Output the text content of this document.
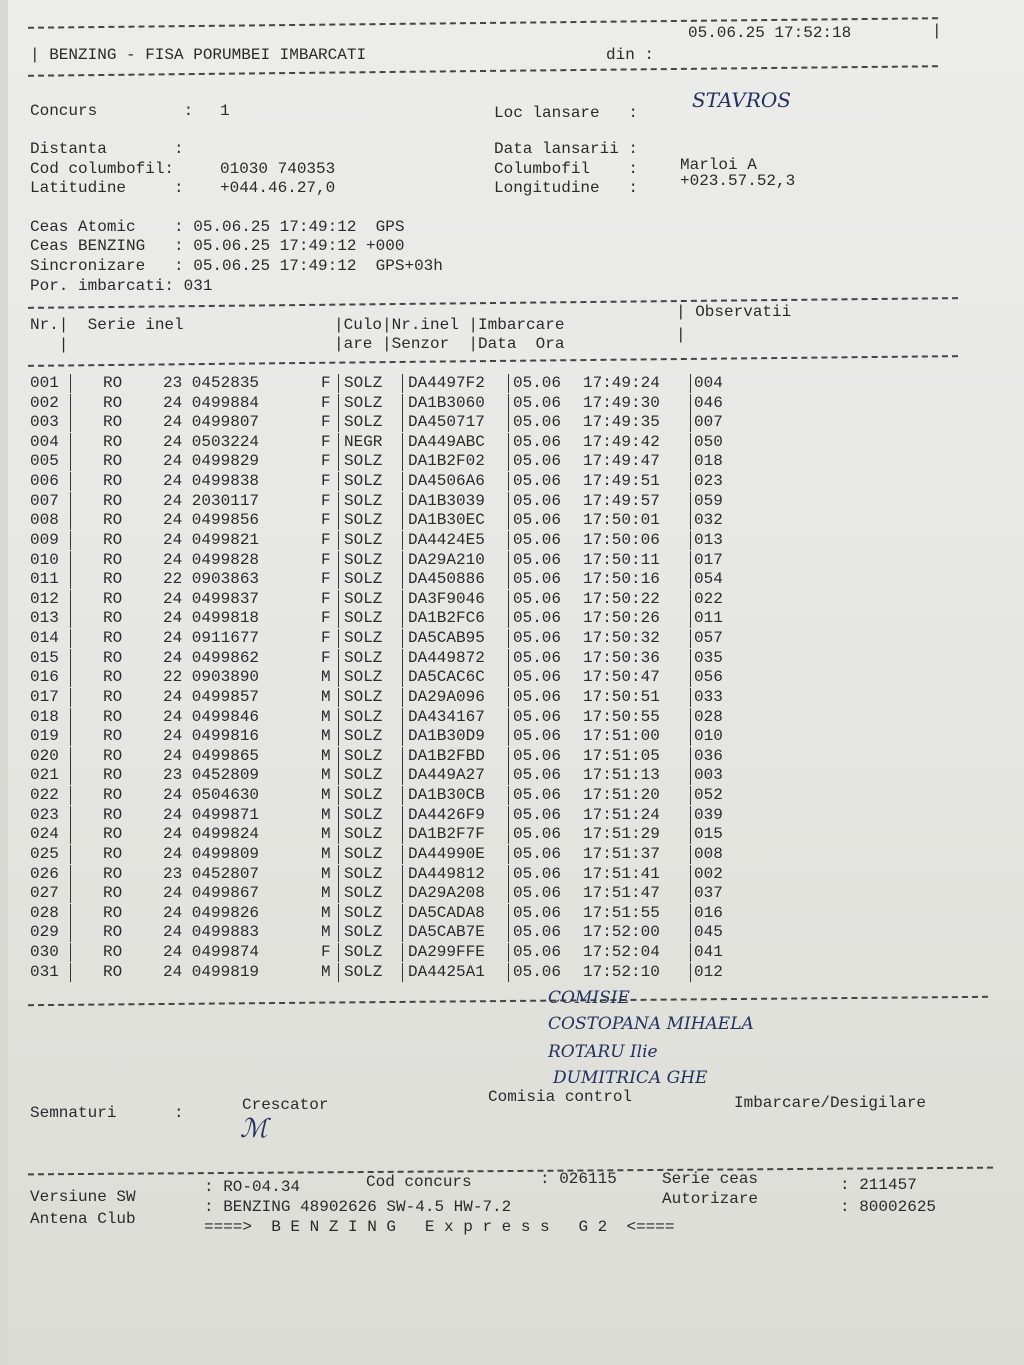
| BENZING - FISA PORUMBEI IMBARCATI	din :
05.06.25 17:52:18	|
Concurs         : 1	Loc lansare   :
STAVROS
Distanta       :	Data lansarii :
Cod columbofil:	01030 740353	Columbofil    :	Marloi A
Latitudine     : +044.46.27,0	Longitudine   :	+023.57.52,3
Ceas Atomic    : 05.06.25 17:49:12  GPS
Ceas BENZING   : 05.06.25 17:49:12 +000
Sincronizare   : 05.06.25 17:49:12  GPS+03h
Por. imbarcati: 031
Nr.|  Serie inel
|
|Culo|Nr.inel |Imbarcare
|are |Senzor  |Data  Ora
| Observatii
|
001	RO	23 0452835	F SOLZ DA4497F2 05.06 17:49:24 004
002	RO	24 0499884	F SOLZ DA1B3060 05.06 17:49:30 046
003	RO	24 0499807	F SOLZ DA450717 05.06 17:49:35 007
004	RO	24 0503224	F NEGR DA449ABC 05.06 17:49:42 050
005	RO	24 0499829	F SOLZ DA1B2F02 05.06 17:49:47 018
006	RO	24 0499838	F SOLZ DA4506A6 05.06 17:49:51 023
007	RO	24 2030117	F SOLZ DA1B3039 05.06 17:49:57 059
008	RO	24 0499856	F SOLZ DA1B30EC 05.06 17:50:01 032
009	RO	24 0499821	F SOLZ DA4424E5 05.06 17:50:06 013
010	RO	24 0499828	F SOLZ DA29A210 05.06 17:50:11 017
011	RO	22 0903863	F SOLZ DA450886 05.06 17:50:16 054
012	RO	24 0499837	F SOLZ DA3F9046 05.06 17:50:22 022
013	RO	24 0499818	F SOLZ DA1B2FC6 05.06 17:50:26 011
014	RO	24 0911677	F SOLZ DA5CAB95 05.06 17:50:32 057
015	RO	24 0499862	F SOLZ DA449872 05.06 17:50:36 035
016	RO	22 0903890	M SOLZ DA5CAC6C 05.06 17:50:47 056
017	RO	24 0499857	M SOLZ DA29A096 05.06 17:50:51 033
018	RO	24 0499846	M SOLZ DA434167 05.06 17:50:55 028
019	RO	24 0499816	M SOLZ DA1B30D9 05.06 17:51:00 010
020	RO	24 0499865	M SOLZ DA1B2FBD 05.06 17:51:05 036
021	RO	23 0452809	M SOLZ DA449A27 05.06 17:51:13 003
022	RO	24 0504630	M SOLZ DA1B30CB 05.06 17:51:20 052
023	RO	24 0499871	M SOLZ DA4426F9 05.06 17:51:24 039
024	RO	24 0499824	M SOLZ DA1B2F7F 05.06 17:51:29 015
025	RO	24 0499809	M SOLZ DA44990E 05.06 17:51:37 008
026	RO	23 0452807	M SOLZ DA449812 05.06 17:51:41 002
027	RO	24 0499867	M SOLZ DA29A208 05.06 17:51:47 037
028	RO	24 0499826	M SOLZ DA5CADA8 05.06 17:51:55 016
029	RO	24 0499883	M SOLZ DA5CAB7E 05.06 17:52:00 045
030	RO	24 0499874	F SOLZ DA299FFE 05.06 17:52:04 041
031	RO	24 0499819	M SOLZ DA4425A1 05.06 17:52:10 012
COMISIE
COSTOPANA MIHAELA
ROTARU Ilie
DUMITRICA GHE
Semnaturi      :	Crescator
ℳ
Comisia control	Imbarcare/Desigilare
Versiune SW
: RO-04.34	Cod concurs	: 026115	Serie ceas	: 211457
Antena Club
: BENZING 48902626 SW-4.5 HW-7.2	Autorizare	: 80002625
====>  B E N Z I N G   E x p r e s s   G 2  <====
